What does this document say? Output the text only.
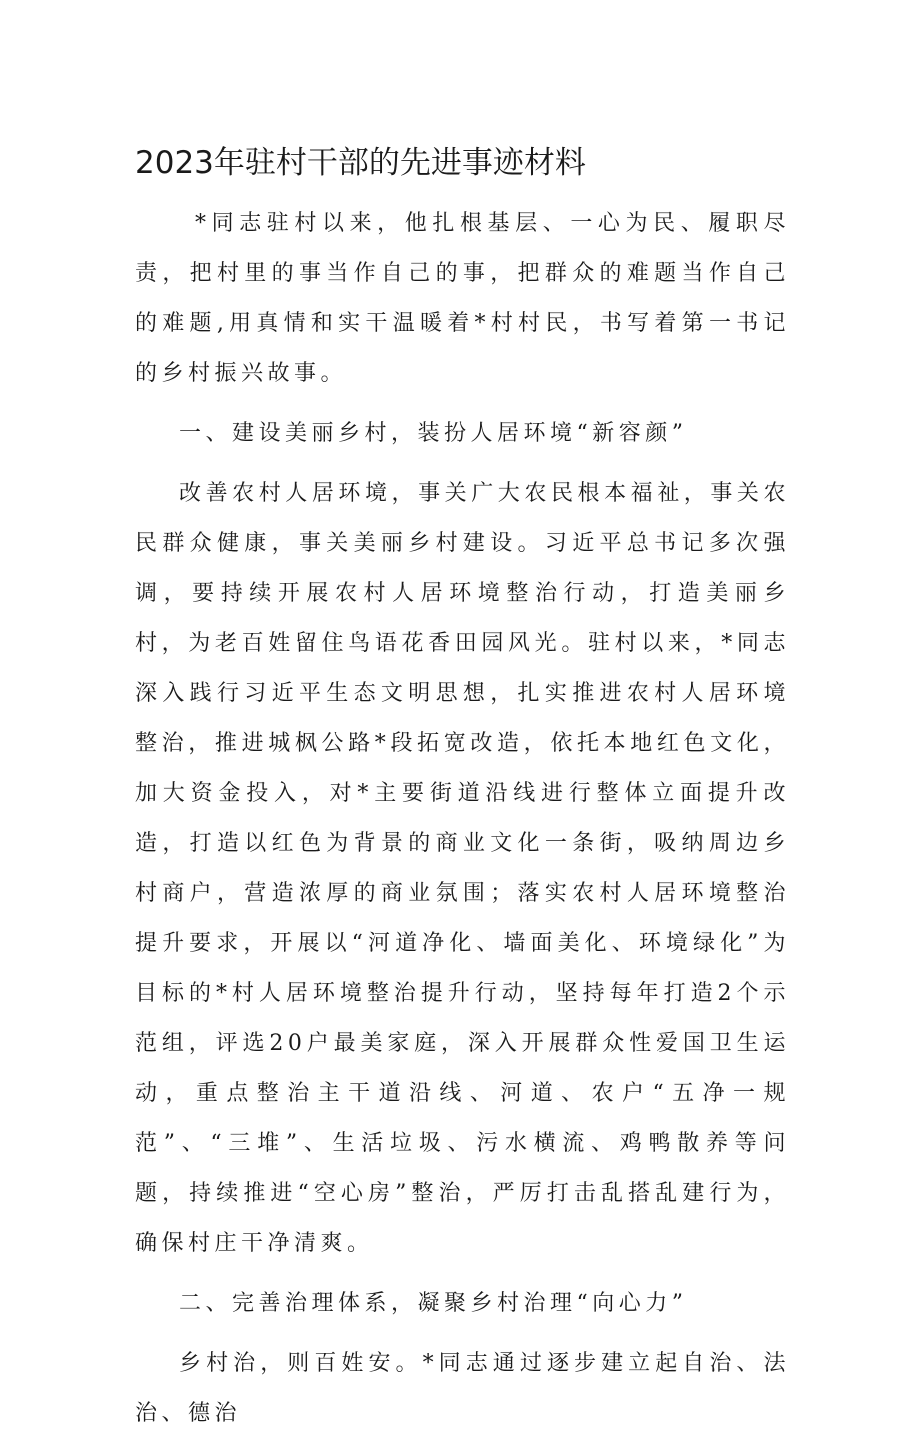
2023年驻村干部的先进事迹材料

*同志驻村以来，他扎根基层、一心为民、履职尽责，把村里的事当作自己的事，把群众的难题当作自己的难题,用真情和实干温暖着*村村民，书写着第一书记的乡村振兴故事。

一、建设美丽乡村，装扮人居环境“新容颜”

改善农村人居环境，事关广大农民根本福祉，事关农民群众健康，事关美丽乡村建设。习近平总书记多次强调，要持续开展农村人居环境整治行动，打造美丽乡村，为老百姓留住鸟语花香田园风光。驻村以来，*同志深入践行习近平生态文明思想，扎实推进农村人居环境整治，推进城枫公路*段拓宽改造，依托本地红色文化，加大资金投入，对*主要街道沿线进行整体立面提升改造，打造以红色为背景的商业文化一条街，吸纳周边乡村商户，营造浓厚的商业氛围；落实农村人居环境整治提升要求，开展以“河道净化、墙面美化、环境绿化”为目标的*村人居环境整治提升行动，坚持每年打造2个示范组，评选20户最美家庭，深入开展群众性爱国卫生运动，重点整治主干道沿线、河道、农户“五净一规范”、“三堆”、生活垃圾、污水横流、鸡鸭散养等问题，持续推进“空心房”整治，严厉打击乱搭乱建行为，确保村庄干净清爽。

二、完善治理体系，凝聚乡村治理“向心力”

乡村治，则百姓安。*同志通过逐步建立起自治、法治、德治
